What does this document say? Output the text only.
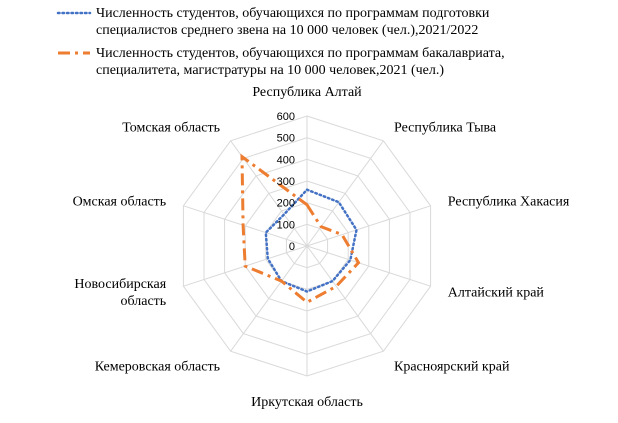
Численность студентов, обучающихся по программам подготовки специалистов среднего звена на 10 000 человек (чел.),2021/2022
Численность студентов, обучающихся по программам бакалавриата, специалитета, магистратуры на 10 000 человек,2021 (чел.)
0
100
200
300
400
500
600
Республика Алтай
Республика Тыва
Республика Хакасия
Алтайский край
Красноярский край
Иркутская область
Кемеровская область
Новосибирская область
Омская область
Томская область
